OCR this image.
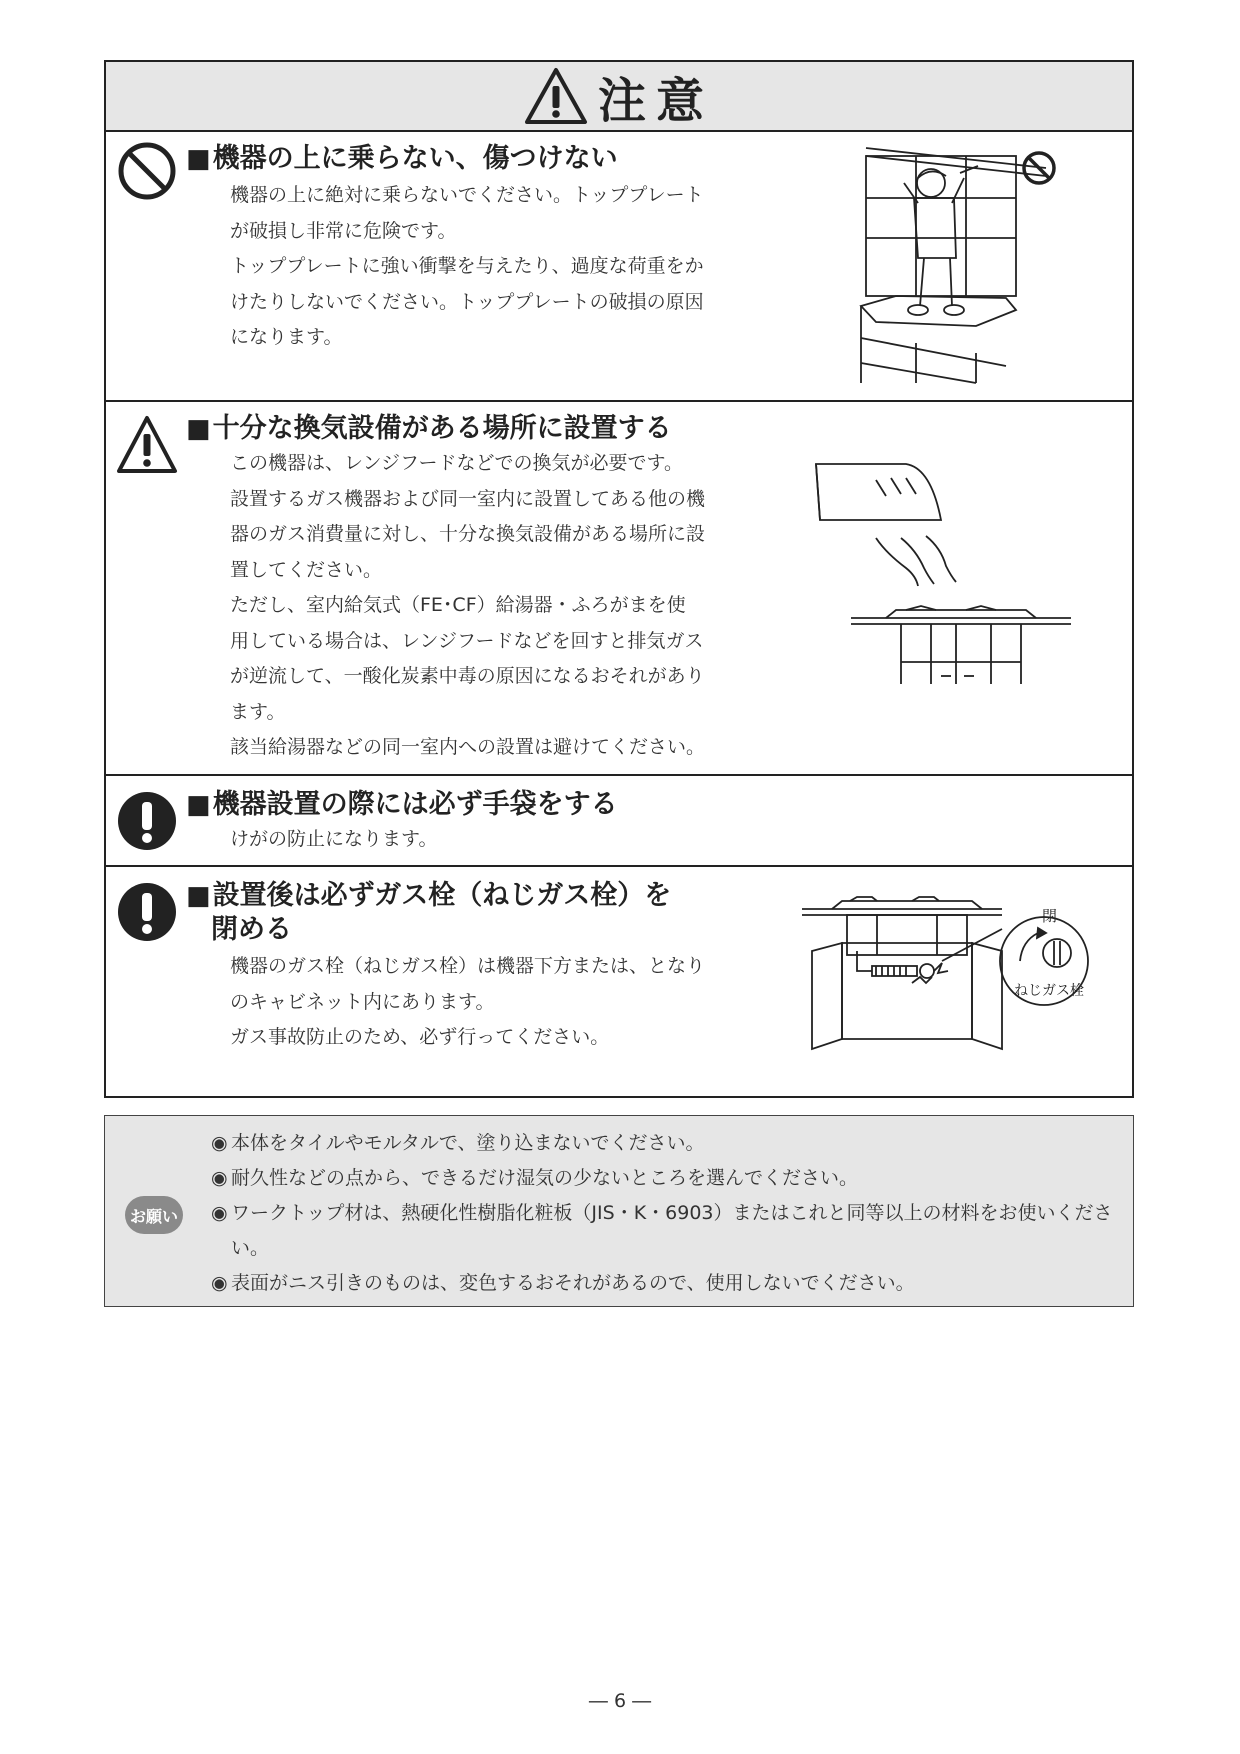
注意
■機器の上に乗らない、傷つけない

機器の上に絶対に乗らないでください。トッププレート

が破損し非常に危険です。

トッププレートに強い衝撃を与えたり、過度な荷重をか

けたりしないでください。トッププレートの破損の原因

になります。

■十分な換気設備がある場所に設置する

この機器は、レンジフードなどでの換気が必要です。

設置するガス機器および同一室内に設置してある他の機

器のガス消費量に対し、十分な換気設備がある場所に設

置してください。

ただし、室内給気式（FE･CF）給湯器・ふろがまを使

用している場合は、レンジフードなどを回すと排気ガス

が逆流して、一酸化炭素中毒の原因になるおそれがあり

ます。

該当給湯器などの同一室内への設置は避けてください。

■機器設置の際には必ず手袋をする

けがの防止になります。

■設置後は必ずガス栓（ねじガス栓）を
閉める

機器のガス栓（ねじガス栓）は機器下方または、となり

のキャビネット内にあります。

ガス事故防止のため、必ず行ってください。

閉
ねじガス栓
お願い
◉ 本体をタイルやモルタルで、塗り込まないでください。
◉ 耐久性などの点から、できるだけ湿気の少ないところを選んでください。
◉ ワークトップ材は、熱硬化性樹脂化粧板（JIS・K・6903）またはこれと同等以上の材料をお使いください。
◉ 表面がニス引きのものは、変色するおそれがあるので、使用しないでください。
― 6 ―
